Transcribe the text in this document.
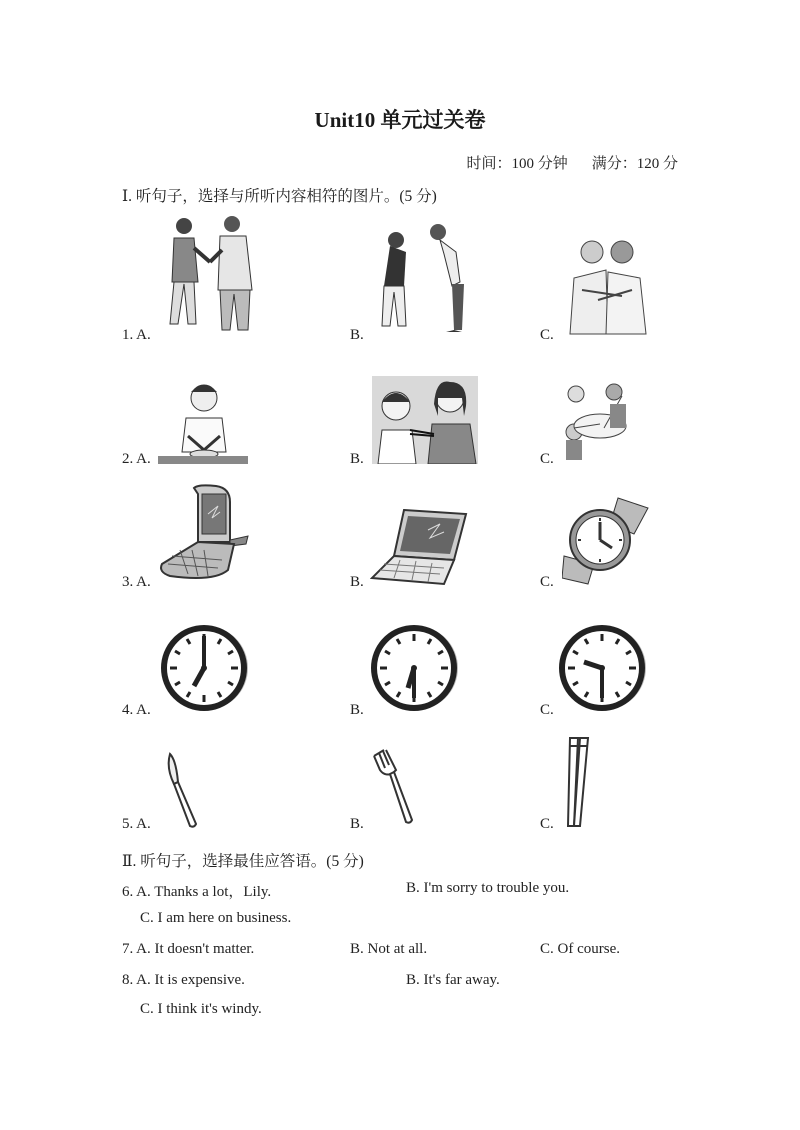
Unit10 单元过关卷
时间：100 分钟 满分：120 分
Ⅰ. 听句子，选择与所听内容相符的图片。(5 分)
1. A.	B.	C.
2. A.	B.	C.
3. A.	B.	C.
4. A.	B.	C.
5. A.	B.	C.
Ⅱ. 听句子，选择最佳应答语。(5 分)
6. A. Thanks a lot，Lily.	B. I'm sorry to trouble you.
C. I am here on business.
7. A. It doesn't matter.	B. Not at all.	C. Of course.
8. A. It is expensive.	B. It's far away.
C. I think it's windy.
